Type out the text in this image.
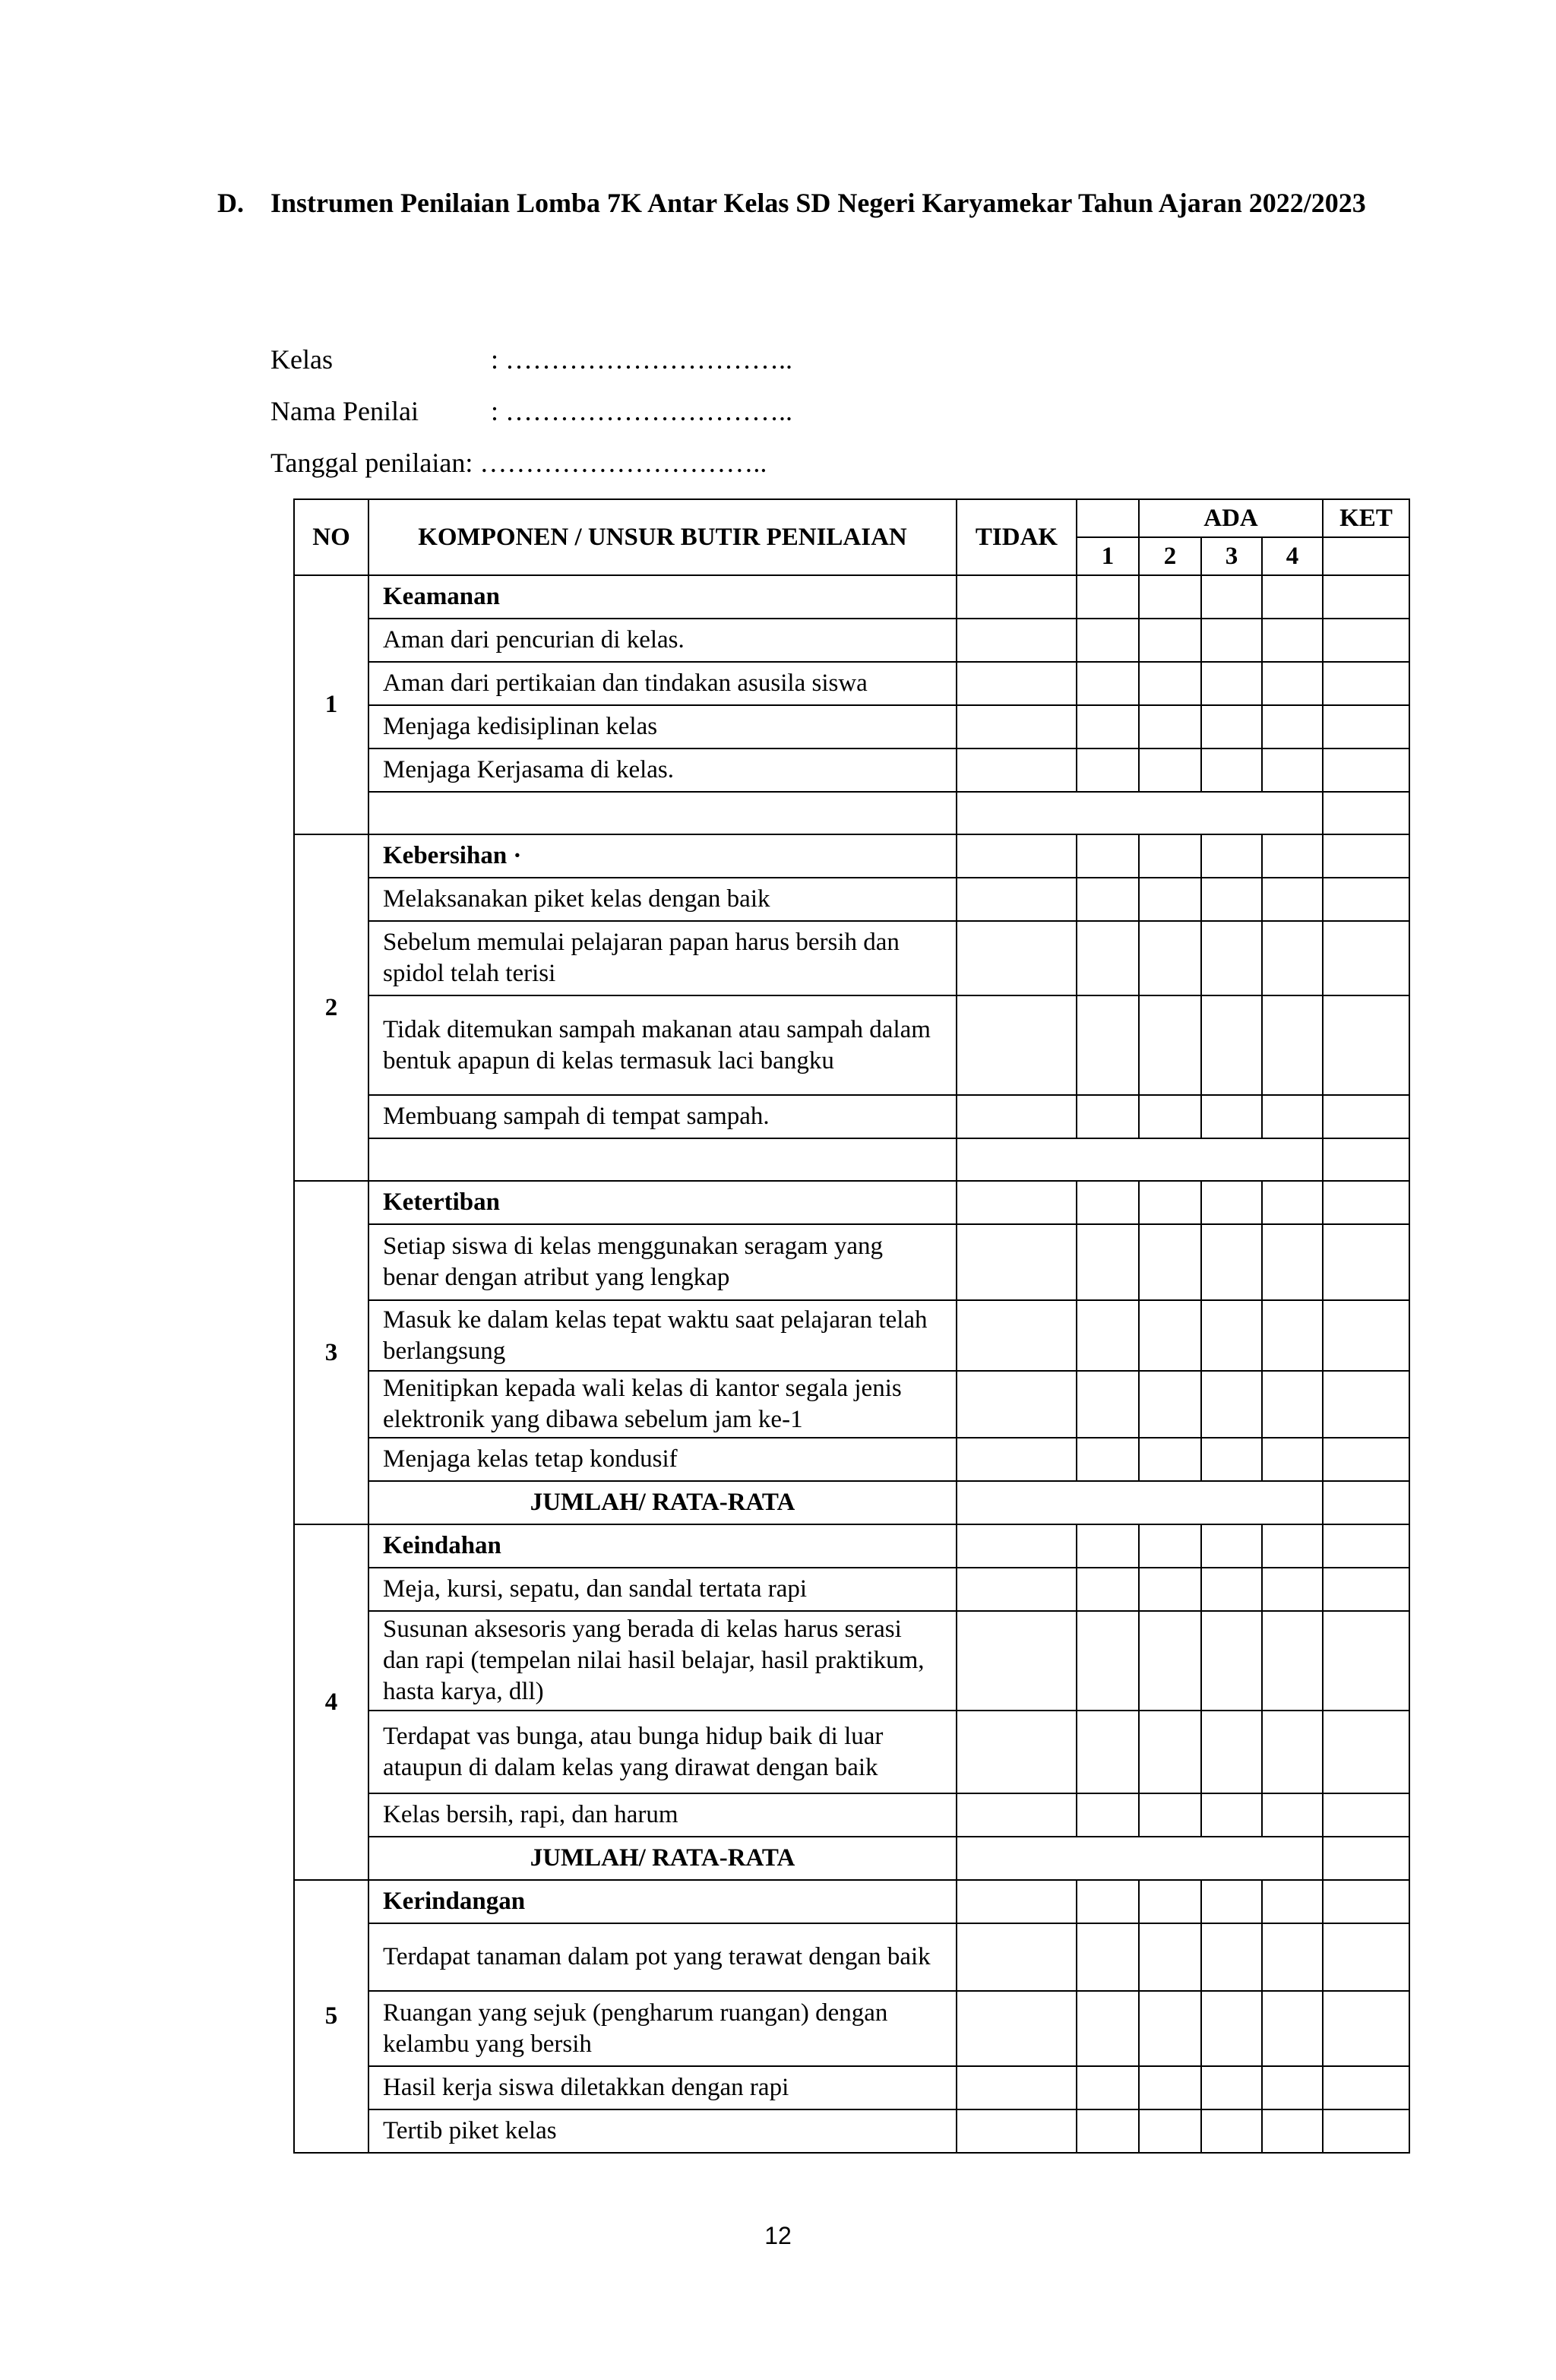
D. Instrumen Penilaian Lomba 7K Antar Kelas SD Negeri Karyamekar Tahun Ajaran 2022/2023
Kelas	: …………………………..
Nama Penilai	: …………………………..
Tanggal penilaian: …………………………..
NO	KOMPONEN / UNSUR BUTIR PENILAIAN	TIDAK		ADA			KET
			1	2	3	4	
1	Keamanan						
	Aman dari pencurian di kelas.						
	Aman dari pertikaian dan tindakan asusila siswa						
	Menjaga kedisiplinan kelas						
	Menjaga Kerjasama di kelas.						

2	Kebersihan ·						
	Melaksanakan piket kelas dengan baik						
	Sebelum memulai pelajaran papan harus bersih dan spidol telah terisi						
	Tidak ditemukan sampah makanan atau sampah dalam bentuk apapun di kelas termasuk laci bangku						
	Membuang sampah di tempat sampah.						

3	Ketertiban						
	Setiap siswa di kelas menggunakan seragam yang benar dengan atribut yang lengkap						
	Masuk ke dalam kelas tepat waktu saat pelajaran telah berlangsung						
	Menitipkan kepada wali kelas di kantor segala jenis elektronik yang dibawa sebelum jam ke-1						
	Menjaga kelas tetap kondusif						
	JUMLAH/ RATA-RATA						
4	Keindahan						
	Meja, kursi, sepatu, dan sandal tertata rapi						
	Susunan aksesoris yang berada di kelas harus serasi dan rapi (tempelan nilai hasil belajar, hasil praktikum, hasta karya, dll)						
	Terdapat vas bunga, atau bunga hidup baik di luar ataupun di dalam kelas yang dirawat dengan baik						
	Kelas bersih, rapi, dan harum						
	JUMLAH/ RATA-RATA						
5	Kerindangan						
	Terdapat tanaman dalam pot yang terawat dengan baik						
	Ruangan yang sejuk (pengharum ruangan) dengan kelambu yang bersih						
	Hasil kerja siswa diletakkan dengan rapi						
	Tertib piket kelas						
12
